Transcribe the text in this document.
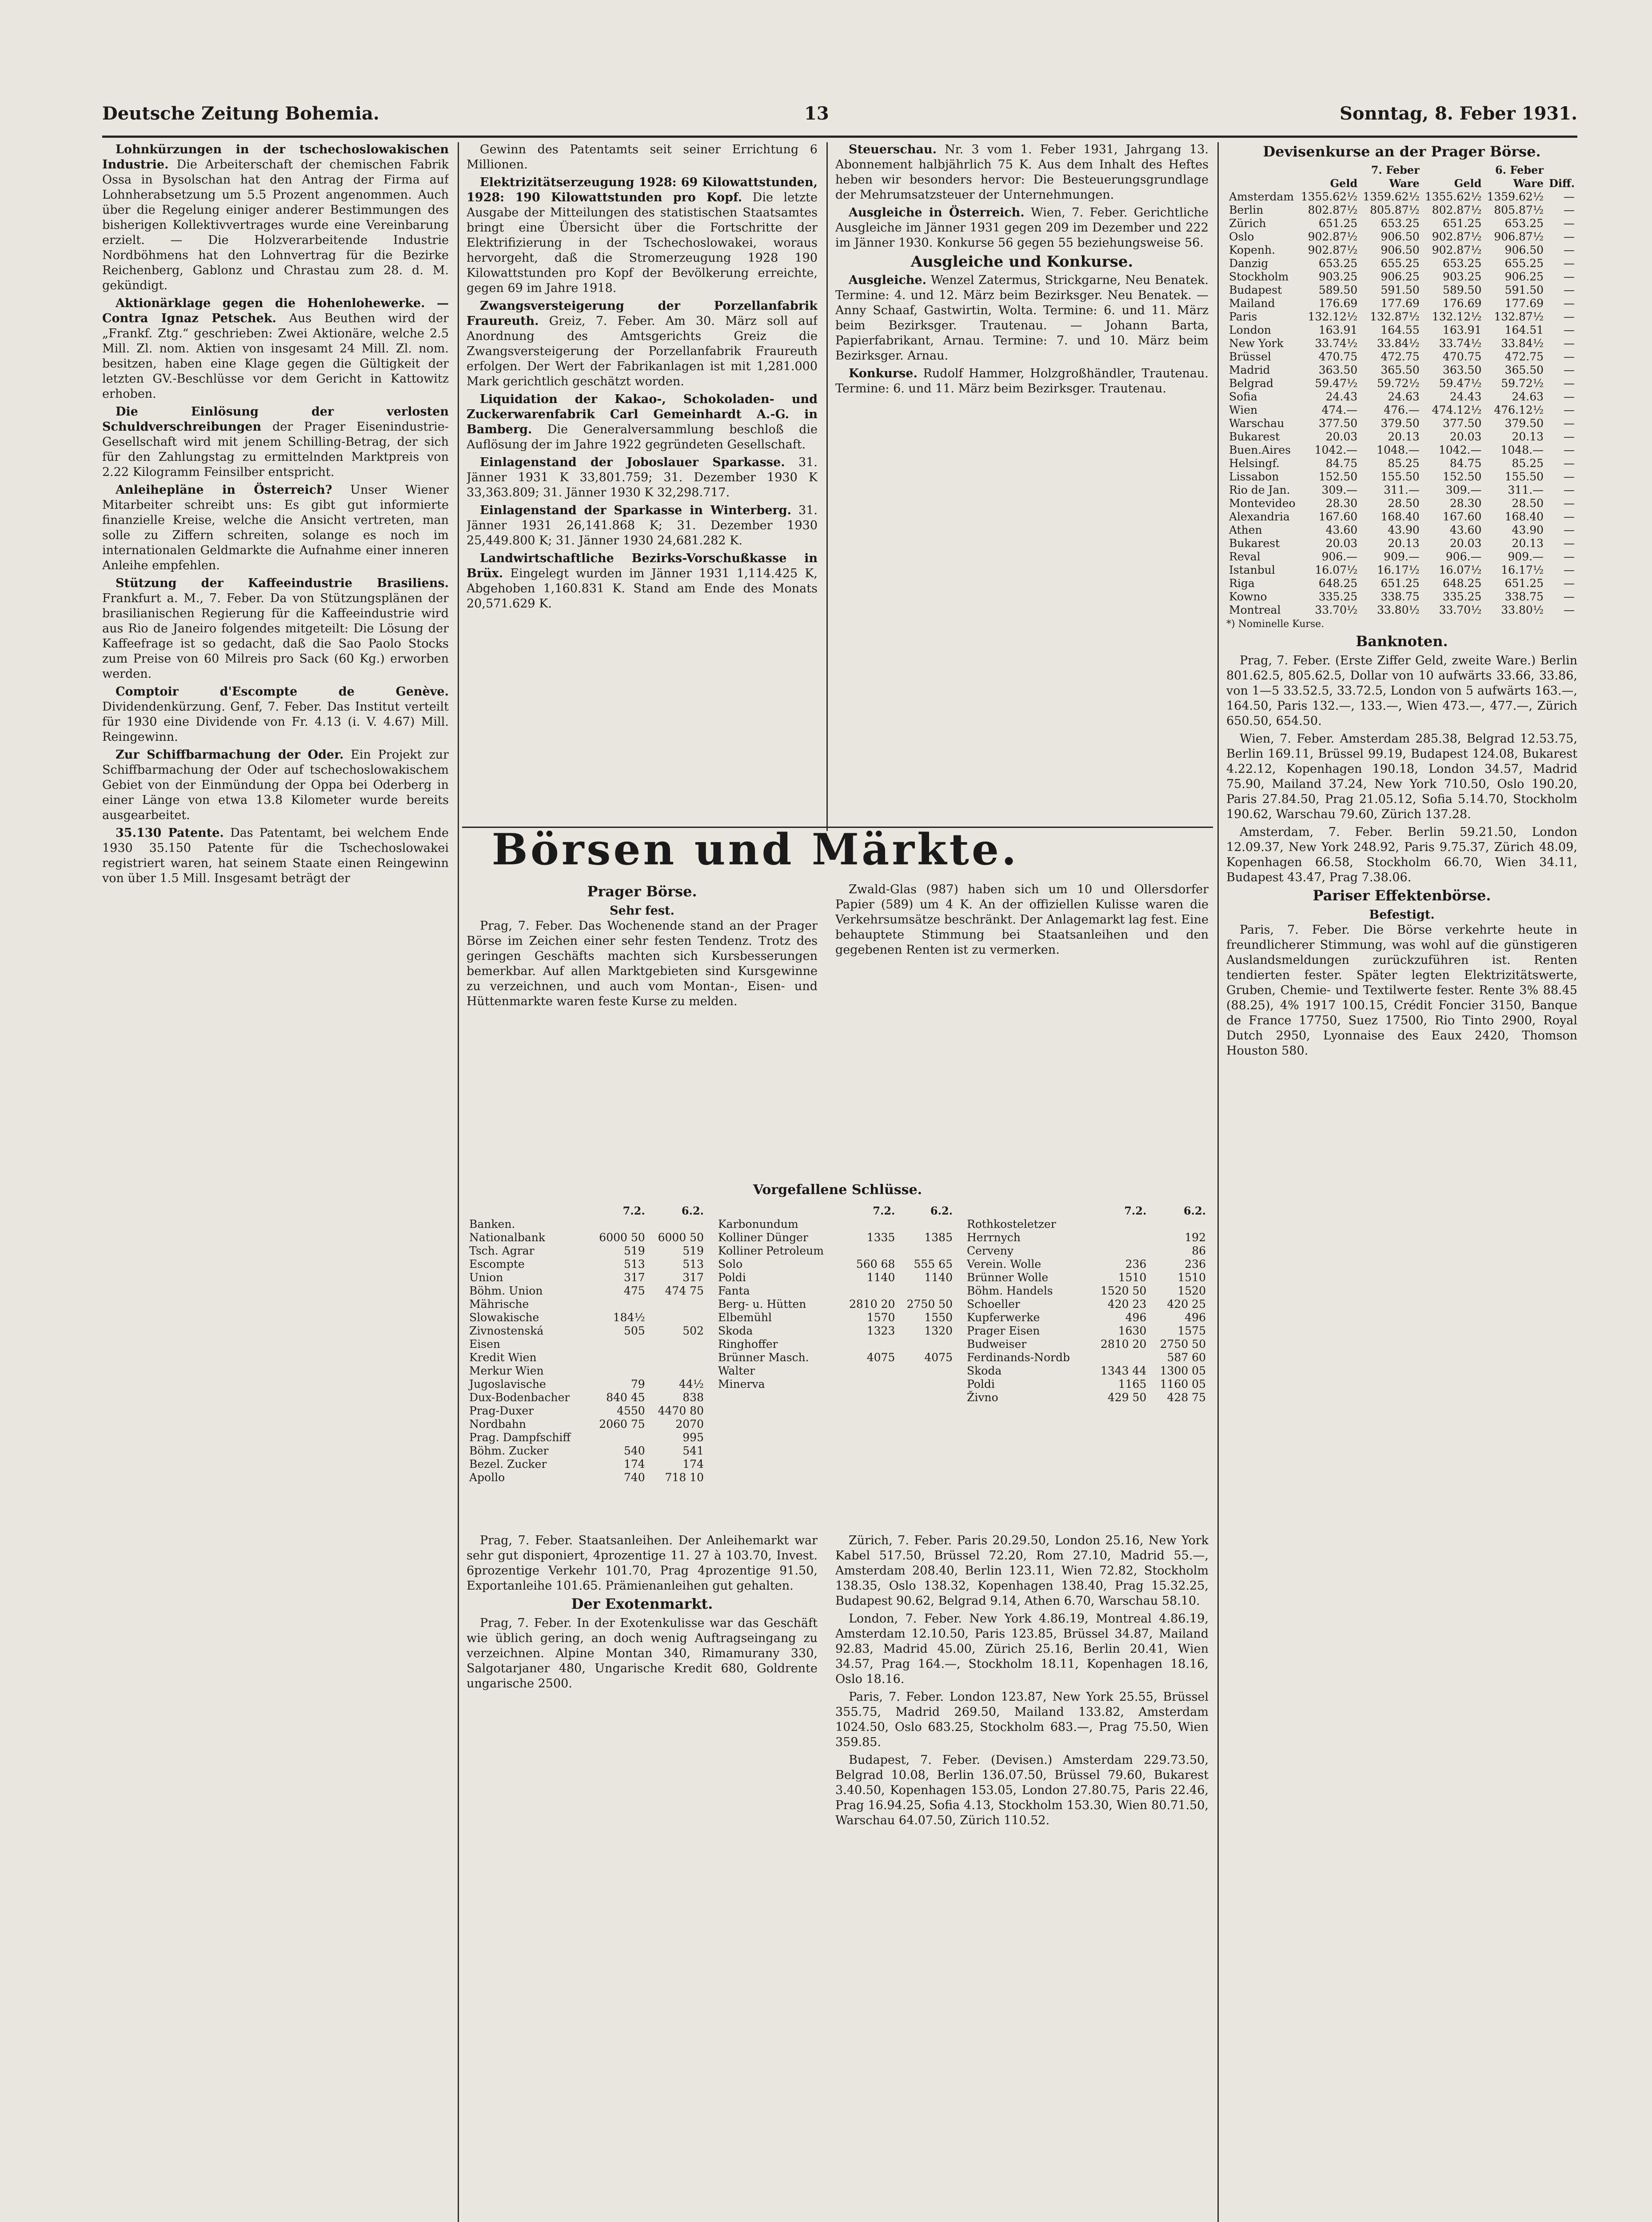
Deutsche Zeitung Bohemia.	13	Sonntag, 8. Feber 1931.

Lohnkürzungen in der tschechoslowakischen Industrie. Die Arbeiterschaft der chemischen Fabrik Ossa in Bysolschan hat den Antrag der Firma auf Lohnherabsetzung um 5.5 Prozent angenommen. Auch über die Regelung einiger anderer Bestimmungen des bisherigen Kollektivvertrages wurde eine Vereinbarung erzielt. — Die Holzverarbeitende Industrie Nordböhmens hat den Lohnvertrag für die Bezirke Reichenberg, Gablonz und Chrastau zum 28. d. M. gekündigt.

Aktionärklage gegen die Hohenlohewerke. — Contra Ignaz Petschek. Aus Beuthen wird der „Frankf. Ztg.“ geschrieben: Zwei Aktionäre, welche 2.5 Mill. Zl. nom. Aktien von insgesamt 24 Mill. Zl. nom. besitzen, haben eine Klage gegen die Gültigkeit der letzten GV.-Beschlüsse vor dem Gericht in Kattowitz erhoben.

Die Einlösung der verlosten Schuldverschreibungen der Prager Eisenindustrie-Gesellschaft wird mit jenem Schilling-Betrag, der sich für den Zahlungstag zu ermittelnden Marktpreis von 2.22 Kilogramm Feinsilber entspricht.

Anleihepläne in Österreich? Unser Wiener Mitarbeiter schreibt uns: Es gibt gut informierte finanzielle Kreise, welche die Ansicht vertreten, man solle zu Ziffern schreiten, solange es noch im internationalen Geldmarkte die Aufnahme einer inneren Anleihe empfehlen.

Stützung der Kaffeeindustrie Brasiliens. Frankfurt a. M., 7. Feber. Da von Stützungsplänen der brasilianischen Regierung für die Kaffeeindustrie wird aus Rio de Janeiro folgendes mitgeteilt: Die Lösung der Kaffeefrage ist so gedacht, daß die Sao Paolo Stocks zum Preise von 60 Milreis pro Sack (60 Kg.) erworben werden.

Comptoir d'Escompte de Genève. Dividendenkürzung. Genf, 7. Feber. Das Institut verteilt für 1930 eine Dividende von Fr. 4.13 (i. V. 4.67) Mill. Reingewinn.

Zur Schiffbarmachung der Oder. Ein Projekt zur Schiffbarmachung der Oder auf tschechoslowakischem Gebiet von der Einmündung der Oppa bei Oderberg in einer Länge von etwa 13.8 Kilometer wurde bereits ausgearbeitet.

35.130 Patente. Das Patentamt, bei welchem Ende 1930 35.150 Patente für die Tschechoslowakei registriert waren, hat seinem Staate einen Reingewinn von über 1.5 Mill. Insgesamt beträgt der

Gewinn des Patentamts seit seiner Errichtung 6 Millionen.

Elektrizitätserzeugung 1928: 69 Kilowattstunden, 1928: 190 Kilowattstunden pro Kopf. Die letzte Ausgabe der Mitteilungen des statistischen Staatsamtes bringt eine Übersicht über die Fortschritte der Elektrifizierung in der Tschechoslowakei, woraus hervorgeht, daß die Stromerzeugung 1928 190 Kilowattstunden pro Kopf der Bevölkerung erreichte, gegen 69 im Jahre 1918.

Zwangsversteigerung der Porzellanfabrik Fraureuth. Greiz, 7. Feber. Am 30. März soll auf Anordnung des Amtsgerichts Greiz die Zwangsversteigerung der Porzellanfabrik Fraureuth erfolgen. Der Wert der Fabrikanlagen ist mit 1,281.000 Mark gerichtlich geschätzt worden.

Liquidation der Kakao-, Schokoladen- und Zuckerwarenfabrik Carl Gemeinhardt A.-G. in Bamberg. Die Generalversammlung beschloß die Auflösung der im Jahre 1922 gegründeten Gesellschaft.

Einlagenstand der Joboslauer Sparkasse. 31. Jänner 1931 K 33,801.759; 31. Dezember 1930 K 33,363.809; 31. Jänner 1930 K 32,298.717.

Einlagenstand der Sparkasse in Winterberg. 31. Jänner 1931 26,141.868 K; 31. Dezember 1930 25,449.800 K; 31. Jänner 1930 24,681.282 K.

Landwirtschaftliche Bezirks-Vorschußkasse in Brüx. Eingelegt wurden im Jänner 1931 1,114.425 K, Abgehoben 1,160.831 K. Stand am Ende des Monats 20,571.629 K.

Steuerschau. Nr. 3 vom 1. Feber 1931, Jahrgang 13. Abonnement halbjährlich 75 K. Aus dem Inhalt des Heftes heben wir besonders hervor: Die Besteuerungsgrundlage der Mehrumsatzsteuer der Unternehmungen.

Ausgleiche in Österreich. Wien, 7. Feber. Gerichtliche Ausgleiche im Jänner 1931 gegen 209 im Dezember und 222 im Jänner 1930. Konkurse 56 gegen 55 beziehungsweise 56.

Ausgleiche und Konkurse.

Ausgleiche. Wenzel Zatermus, Strickgarne, Neu Benatek. Termine: 4. und 12. März beim Bezirksger. Neu Benatek. — Anny Schaaf, Gastwirtin, Wolta. Termine: 6. und 11. März beim Bezirksger. Trautenau. — Johann Barta, Papierfabrikant, Arnau. Termine: 7. und 10. März beim Bezirksger. Arnau.

Konkurse. Rudolf Hammer, Holzgroßhändler, Trautenau. Termine: 6. und 11. März beim Bezirksger. Trautenau.

Börsen und Märkte.
Prager Börse.
Sehr fest.

Prag, 7. Feber. Das Wochenende stand an der Prager Börse im Zeichen einer sehr festen Tendenz. Trotz des geringen Geschäfts machten sich Kursbesserungen bemerkbar. Auf allen Marktgebieten sind Kursgewinne zu verzeichnen, und auch vom Montan-, Eisen- und Hüttenmarkte waren feste Kurse zu melden.

Zwald-Glas (987) haben sich um 10 und Ollersdorfer Papier (589) um 4 K. An der offiziellen Kulisse waren die Verkehrsumsätze beschränkt. Der Anlagemarkt lag fest. Eine behauptete Stimmung bei Staatsanleihen und den gegebenen Renten ist zu vermerken.

Vorgefallene Schlüsse.
	7.2.	6.2.
Banken.		
Nationalbank	6000 50	6000 50
Tsch. Agrar	519	519
Escompte	513	513
Union	317	317
Böhm. Union	475	474 75
Mährische		
Slowakische	184½	
Zivnostenská	505	502
Eisen		
Kredit Wien		
Merkur Wien		
Jugoslavische	79	44½
Dux-Bodenbacher	840 45	838
Prag-Duxer	4550	4470 80
Nordbahn	2060 75	2070
Prag. Dampfschiff		995
Böhm. Zucker	540	541
Bezel. Zucker	174	174
Apollo	740	718 10
	7.2.	6.2.
Karbonundum		
Kolliner Dünger	1335	1385
Kolliner Petroleum		
Solo	560 68	555 65
Poldi	1140	1140
Fanta		
Berg- u. Hütten	2810 20	2750 50
Elbemühl	1570	1550
Skoda	1323	1320
Ringhoffer		
Brünner Masch.	4075	4075
Walter		
Minerva		
	7.2.	6.2.
Rothkosteletzer		
Herrnych		192
Cerveny		86
Verein. Wolle	236	236
Brünner Wolle	1510	1510
Böhm. Handels	1520 50	1520
Schoeller	420 23	420 25
Kupferwerke	496	496
Prager Eisen	1630	1575
Budweiser	2810 20	2750 50
Ferdinands-Nordb		587 60
Skoda	1343 44	1300 05
Poldi	1165	1160 05
Živno	429 50	428 75

Prag, 7. Feber. Staatsanleihen. Der Anleihemarkt war sehr gut disponiert, 4prozentige 11. 27 à 103.70, Invest. 6prozentige Verkehr 101.70, Prag 4prozentige 91.50, Exportanleihe 101.65. Prämienanleihen gut gehalten.

Der Exotenmarkt.

Prag, 7. Feber. In der Exotenkulisse war das Geschäft wie üblich gering, an doch wenig Auftragseingang zu verzeichnen. Alpine Montan 340, Rimamurany 330, Salgotarjaner 480, Ungarische Kredit 680, Goldrente ungarische 2500.

Zürich, 7. Feber. Paris 20.29.50, London 25.16, New York Kabel 517.50, Brüssel 72.20, Rom 27.10, Madrid 55.—, Amsterdam 208.40, Berlin 123.11, Wien 72.82, Stockholm 138.35, Oslo 138.32, Kopenhagen 138.40, Prag 15.32.25, Budapest 90.62, Belgrad 9.14, Athen 6.70, Warschau 58.10.

London, 7. Feber. New York 4.86.19, Montreal 4.86.19, Amsterdam 12.10.50, Paris 123.85, Brüssel 34.87, Mailand 92.83, Madrid 45.00, Zürich 25.16, Berlin 20.41, Wien 34.57, Prag 164.—, Stockholm 18.11, Kopenhagen 18.16, Oslo 18.16.

Paris, 7. Feber. London 123.87, New York 25.55, Brüssel 355.75, Madrid 269.50, Mailand 133.82, Amsterdam 1024.50, Oslo 683.25, Stockholm 683.—, Prag 75.50, Wien 359.85.

Budapest, 7. Feber. (Devisen.) Amsterdam 229.73.50, Belgrad 10.08, Berlin 136.07.50, Brüssel 79.60, Bukarest 3.40.50, Kopenhagen 153.05, London 27.80.75, Paris 22.46, Prag 16.94.25, Sofia 4.13, Stockholm 153.30, Wien 80.71.50, Warschau 64.07.50, Zürich 110.52.

Devisenkurse an der Prager Börse.
	7. Feber		6. Feber		
	Geld	Ware	Geld	Ware	Diff.
Amsterdam	1355.62½	1359.62½	1355.62½	1359.62½	—
Berlin	802.87½	805.87½	802.87½	805.87½	—
Zürich	651.25	653.25	651.25	653.25	—
Oslo	902.87½	906.50	902.87½	906.87½	—
Kopenh.	902.87½	906.50	902.87½	906.50	—
Danzig	653.25	655.25	653.25	655.25	—
Stockholm	903.25	906.25	903.25	906.25	—
Budapest	589.50	591.50	589.50	591.50	—
Mailand	176.69	177.69	176.69	177.69	—
Paris	132.12½	132.87½	132.12½	132.87½	—
London	163.91	164.55	163.91	164.51	—
New York	33.74½	33.84½	33.74½	33.84½	—
Brüssel	470.75	472.75	470.75	472.75	—
Madrid	363.50	365.50	363.50	365.50	—
Belgrad	59.47½	59.72½	59.47½	59.72½	—
Sofia	24.43	24.63	24.43	24.63	—
Wien	474.—	476.—	474.12½	476.12½	—
Warschau	377.50	379.50	377.50	379.50	—
Bukarest	20.03	20.13	20.03	20.13	—
Buen.Aires	1042.—	1048.—	1042.—	1048.—	—
Helsingf.	84.75	85.25	84.75	85.25	—
Lissabon	152.50	155.50	152.50	155.50	—
Rio de Jan.	309.—	311.—	309.—	311.—	—
Montevideo	28.30	28.50	28.30	28.50	—
Alexandria	167.60	168.40	167.60	168.40	—
Athen	43.60	43.90	43.60	43.90	—
Bukarest	20.03	20.13	20.03	20.13	—
Reval	906.—	909.—	906.—	909.—	—
Istanbul	16.07½	16.17½	16.07½	16.17½	—
Riga	648.25	651.25	648.25	651.25	—
Kowno	335.25	338.75	335.25	338.75	—
Montreal	33.70½	33.80½	33.70½	33.80½	—
*) Nominelle Kurse.
Banknoten.

Prag, 7. Feber. (Erste Ziffer Geld, zweite Ware.) Berlin 801.62.5, 805.62.5, Dollar von 10 aufwärts 33.66, 33.86, von 1—5 33.52.5, 33.72.5, London von 5 aufwärts 163.—, 164.50, Paris 132.—, 133.—, Wien 473.—, 477.—, Zürich 650.50, 654.50.

Wien, 7. Feber. Amsterdam 285.38, Belgrad 12.53.75, Berlin 169.11, Brüssel 99.19, Budapest 124.08, Bukarest 4.22.12, Kopenhagen 190.18, London 34.57, Madrid 75.90, Mailand 37.24, New York 710.50, Oslo 190.20, Paris 27.84.50, Prag 21.05.12, Sofia 5.14.70, Stockholm 190.62, Warschau 79.60, Zürich 137.28.

Amsterdam, 7. Feber. Berlin 59.21.50, London 12.09.37, New York 248.92, Paris 9.75.37, Zürich 48.09, Kopenhagen 66.58, Stockholm 66.70, Wien 34.11, Budapest 43.47, Prag 7.38.06.

Pariser Effektenbörse.
Befestigt.

Paris, 7. Feber. Die Börse verkehrte heute in freundlicherer Stimmung, was wohl auf die günstigeren Auslandsmeldungen zurückzuführen ist. Renten tendierten fester. Später legten Elektrizitätswerte, Gruben, Chemie- und Textilwerte fester. Rente 3% 88.45 (88.25), 4% 1917 100.15, Crédit Foncier 3150, Banque de France 17750, Suez 17500, Rio Tinto 2900, Royal Dutch 2950, Lyonnaise des Eaux 2420, Thomson Houston 580.
